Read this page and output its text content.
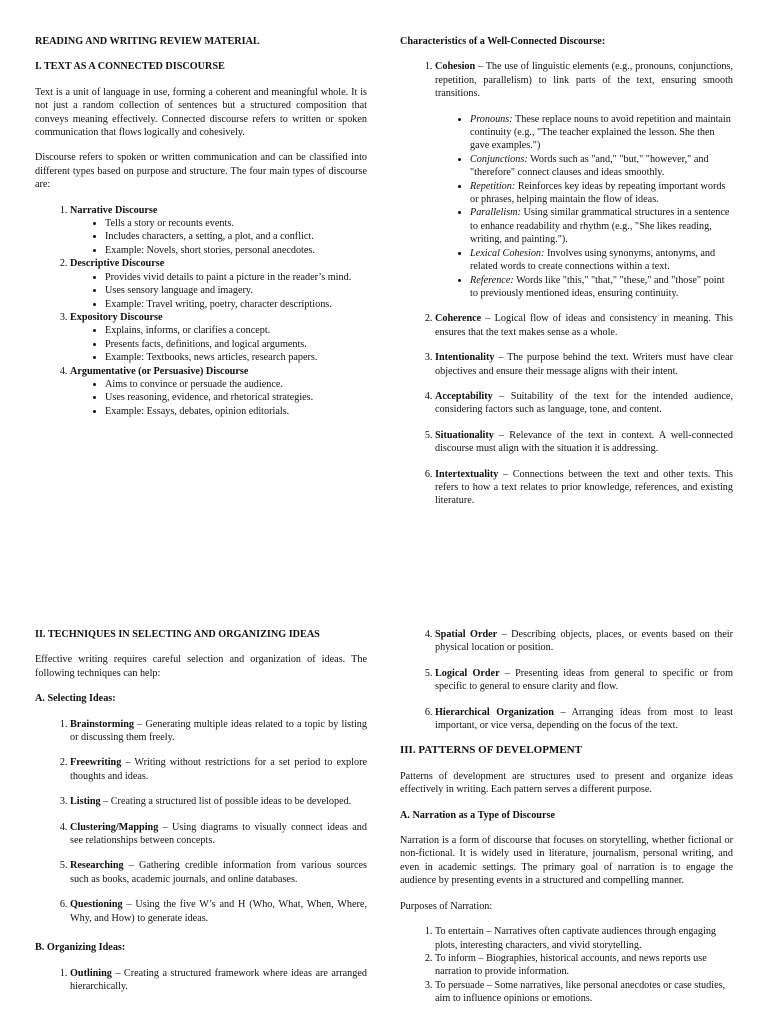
READING AND WRITING REVIEW MATERIAL
I. TEXT AS A CONNECTED DISCOURSE

Text is a unit of language in use, forming a coherent and meaningful whole. It is not just a random collection of sentences but a structured composition that conveys meaning effectively. Connected discourse refers to written or spoken communication that flows logically and cohesively.

Discourse refers to spoken or written communication and can be classified into different types based on purpose and structure. The four main types of discourse are:

1. Narrative Discourse
• Tells a story or recounts events.
• Includes characters, a setting, a plot, and a conflict.
• Example: Novels, short stories, personal anecdotes.
2. Descriptive Discourse
• Provides vivid details to paint a picture in the reader’s mind.
• Uses sensory language and imagery.
• Example: Travel writing, poetry, character descriptions.
3. Expository Discourse
• Explains, informs, or clarifies a concept.
• Presents facts, definitions, and logical arguments.
• Example: Textbooks, news articles, research papers.
4. Argumentative (or Persuasive) Discourse
• Aims to convince or persuade the audience.
• Uses reasoning, evidence, and rhetorical strategies.
• Example: Essays, debates, opinion editorials.
Characteristics of a Well-Connected Discourse:
1. Cohesion – The use of linguistic elements (e.g., pronouns, conjunctions, repetition, parallelism) to link parts of the text, ensuring smooth transitions.
• Pronouns: These replace nouns to avoid repetition and maintain continuity (e.g., "The teacher explained the lesson. She then gave examples.")
• Conjunctions: Words such as "and," "but," "however," and "therefore" connect clauses and ideas smoothly.
• Repetition: Reinforces key ideas by repeating important words or phrases, helping maintain the flow of ideas.
• Parallelism: Using similar grammatical structures in a sentence to enhance readability and rhythm (e.g., "She likes reading, writing, and painting.").
• Lexical Cohesion: Involves using synonyms, antonyms, and related words to create connections within a text.
• Reference: Words like "this," "that," "these," and "those" point to previously mentioned ideas, ensuring continuity.
2. Coherence – Logical flow of ideas and consistency in meaning. This ensures that the text makes sense as a whole.
3. Intentionality – The purpose behind the text. Writers must have clear objectives and ensure their message aligns with their intent.
4. Acceptability – Suitability of the text for the intended audience, considering factors such as language, tone, and content.
5. Situationality – Relevance of the text in context. A well-connected discourse must align with the situation it is addressing.
6. Intertextuality – Connections between the text and other texts. This refers to how a text relates to prior knowledge, references, and existing literature.
II. TECHNIQUES IN SELECTING AND ORGANIZING IDEAS

Effective writing requires careful selection and organization of ideas. The following techniques can help:

A. Selecting Ideas:
1. Brainstorming – Generating multiple ideas related to a topic by listing or discussing them freely.
2. Freewriting – Writing without restrictions for a set period to explore thoughts and ideas.
3. Listing – Creating a structured list of possible ideas to be developed.
4. Clustering/Mapping – Using diagrams to visually connect ideas and see relationships between concepts.
5. Researching – Gathering credible information from various sources such as books, academic journals, and online databases.
6. Questioning – Using the five W’s and H (Who, What, When, Where, Why, and How) to generate ideas.
B. Organizing Ideas:
1. Outlining – Creating a structured framework where ideas are arranged hierarchically.
4. Spatial Order – Describing objects, places, or events based on their physical location or position.
5. Logical Order – Presenting ideas from general to specific or from specific to general to ensure clarity and flow.
6. Hierarchical Organization – Arranging ideas from most to least important, or vice versa, depending on the focus of the text.
III. PATTERNS OF DEVELOPMENT

Patterns of development are structures used to present and organize ideas effectively in writing. Each pattern serves a different purpose.

A. Narration as a Type of Discourse

Narration is a form of discourse that focuses on storytelling, whether fictional or non-fictional. It is widely used in literature, journalism, personal writing, and even in academic settings. The primary goal of narration is to engage the audience by presenting events in a structured and compelling manner.

Purposes of Narration:

1. To entertain – Narratives often captivate audiences through engaging plots, interesting characters, and vivid storytelling.
2. To inform – Biographies, historical accounts, and news reports use narration to provide information.
3. To persuade – Some narratives, like personal anecdotes or case studies, aim to influence opinions or emotions.
